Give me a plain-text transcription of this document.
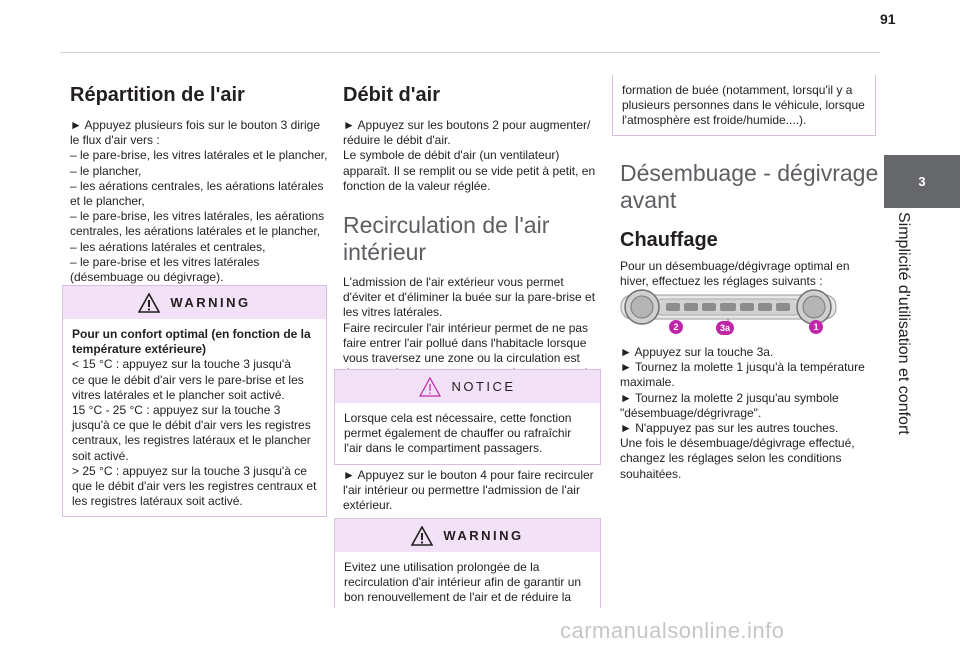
91
3
Simplicité d'utilisation et confort
Répartition de l'air

► Appuyez plusieurs fois sur le bouton 3 dirige

le flux d'air vers :

– le pare-brise, les vitres latérales et le plancher,

– le plancher,

– les aérations centrales, les aérations latérales

et le plancher,

– le pare-brise, les vitres latérales, les aérations

centrales, les aérations latérales et le plancher,

– les aérations latérales et centrales,

– le pare-brise et les vitres latérales

(désembuage ou dégivrage).

WARNING

Pour un confort optimal (en fonction de la

température extérieure)

< 15 °C : appuyez sur la touche 3 jusqu'à

ce que le débit d'air vers le pare-brise et les

vitres latérales et le plancher soit activé.

15 °C - 25 °C : appuyez sur la touche 3

jusqu'à ce que le débit d'air vers les registres

centraux, les registres latéraux et le plancher

soit activé.

> 25 °C : appuyez sur la touche 3 jusqu'à ce

que le débit d'air vers les registres centraux et

les registres latéraux soit activé.

Débit d'air

► Appuyez sur les boutons 2 pour augmenter/

réduire le débit d'air.

Le symbole de débit d'air (un ventilateur)

apparaît. Il se remplit ou se vide petit à petit, en

fonction de la valeur réglée.

Recirculation de l'air
intérieur

L'admission de l'air extérieur vous permet

d'éviter et d'éliminer la buée sur la pare-brise et

les vitres latérales.

Faire recirculer l'air intérieur permet de ne pas

faire entrer l'air pollué dans l'habitacle lorsque

vous traversez une zone ou la circulation est

NOTICE

Lorsque cela est nécessaire, cette fonction

permet également de chauffer ou rafraîchir

l'air dans le compartiment passagers.

► Appuyez sur le bouton 4 pour faire recirculer

l'air intérieur ou permettre l'admission de l'air

extérieur.

WARNING

Evitez une utilisation prolongée de la

recirculation d'air intérieur afin de garantir un

bon renouvellement de l'air et de réduire la

formation de buée (notamment, lorsqu'il y a

plusieurs personnes dans le véhicule, lorsque

l'atmosphère est froide/humide....).

Désembuage - dégivrage
avant
Chauffage

Pour un désembuage/dégivrage optimal en

hiver, effectuez les réglages suivants :

2	3a	1

► Appuyez sur la touche 3a.

► Tournez la molette 1 jusqu'à la température

maximale.

► Tournez la molette 2 jusqu'au symbole

"désembuage/dégrivrage".

► N'appuyez pas sur les autres touches.

Une fois le désembuage/dégivrage effectué,

changez les réglages selon les conditions

souhaitées.

carmanualsonline.info
